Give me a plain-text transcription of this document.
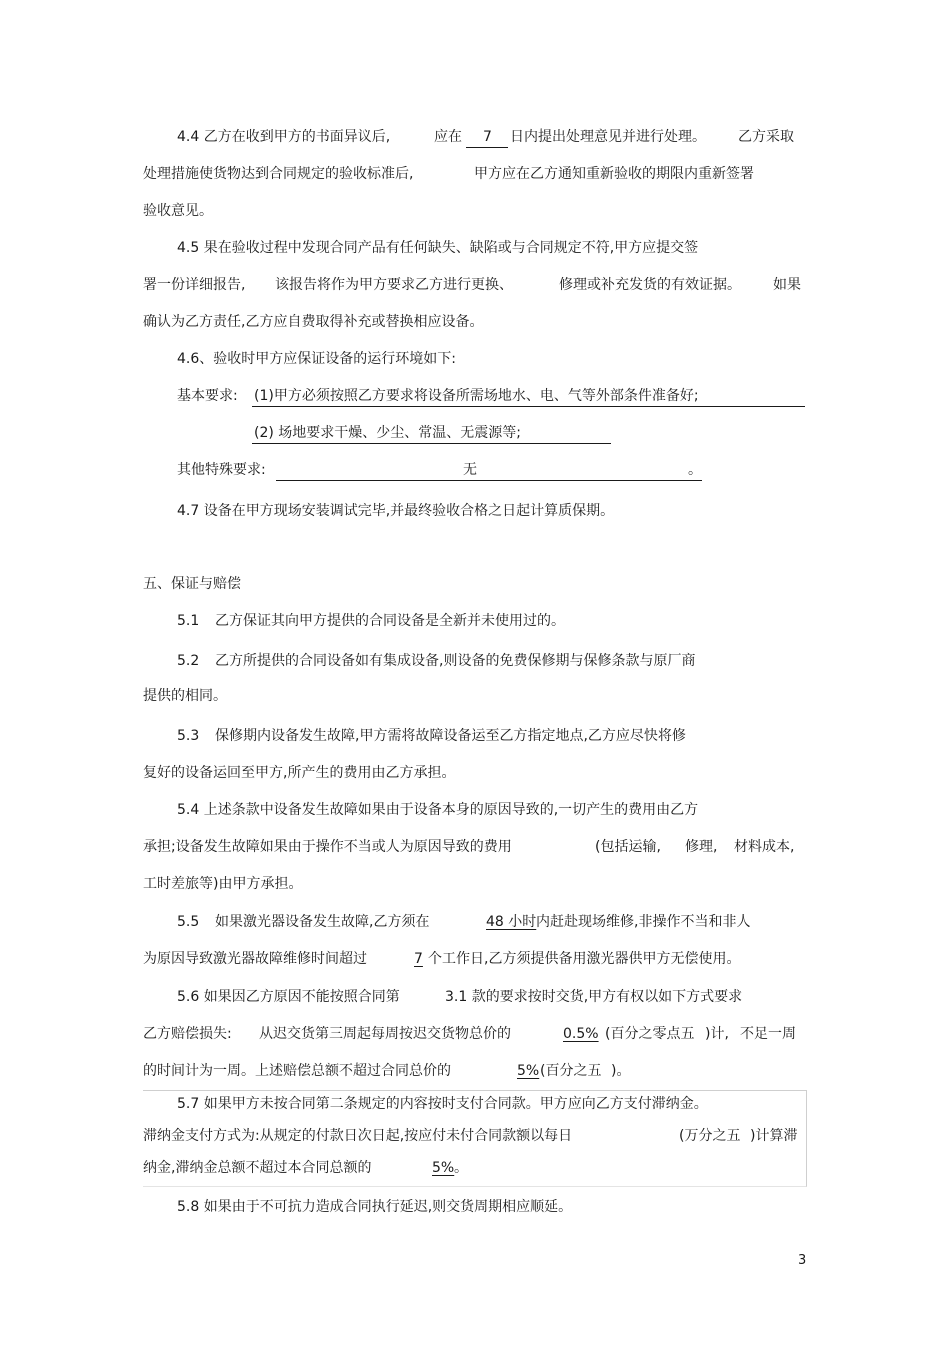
4.4 乙方在收到甲方的书面异议后,	应在 7 日内提出处理意见并进行处理。 乙方采取
处理措施使货物达到合同规定的验收标准后,	甲方应在乙方通知重新验收的期限内重新签署
验收意见。
4.5 果在验收过程中发现合同产品有任何缺失、缺陷或与合同规定不符,甲方应提交签
署一份详细报告, 该报告将作为甲方要求乙方进行更换、	修理或补充发货的有效证据。 如果
确认为乙方责任,乙方应自费取得补充或替换相应设备。
4.6、验收时甲方应保证设备的运行环境如下:
基本要求: (1)甲方必须按照乙方要求将设备所需场地水、电、气等外部条件准备好;
(2) 场地要求干燥、少尘、常温、无震源等;
其他特殊要求:	无	。
4.7 设备在甲方现场安装调试完毕,并最终验收合格之日起计算质保期。
五、保证与赔偿
5.1 乙方保证其向甲方提供的合同设备是全新并未使用过的。
5.2 乙方所提供的合同设备如有集成设备,则设备的免费保修期与保修条款与原厂商
提供的相同。
5.3 保修期内设备发生故障,甲方需将故障设备运至乙方指定地点,乙方应尽快将修
复好的设备运回至甲方,所产生的费用由乙方承担。
5.4 上述条款中设备发生故障如果由于设备本身的原因导致的,一切产生的费用由乙方
承担;设备发生故障如果由于操作不当或人为原因导致的费用	(包括运输, 修理, 材料成本,
工时差旅等)由甲方承担。
5.5 如果激光器设备发生故障,乙方须在	48 小时 内赶赴现场维修,非操作不当和非人
为原因导致激光器故障维修时间超过	7 个工作日,乙方须提供备用激光器供甲方无偿使用。
5.6 如果因乙方原因不能按照合同第	3.1 款的要求按时交货,甲方有权以如下方式要求
乙方赔偿损失: 从迟交货第三周起每周按迟交货物总价的	0.5% (百分之零点五 )计, 不足一周
的时间计为一周。上述赔偿总额不超过合同总价的	5% (百分之五 )。
5.7 如果甲方未按合同第二条规定的内容按时支付合同款。甲方应向乙方支付滞纳金。
滞纳金支付方式为:从规定的付款日次日起,按应付未付合同款额以每日	(万分之五 )计算滞
纳金,滞纳金总额不超过本合同总额的	5% 。
5.8 如果由于不可抗力造成合同执行延迟,则交货周期相应顺延。
3
